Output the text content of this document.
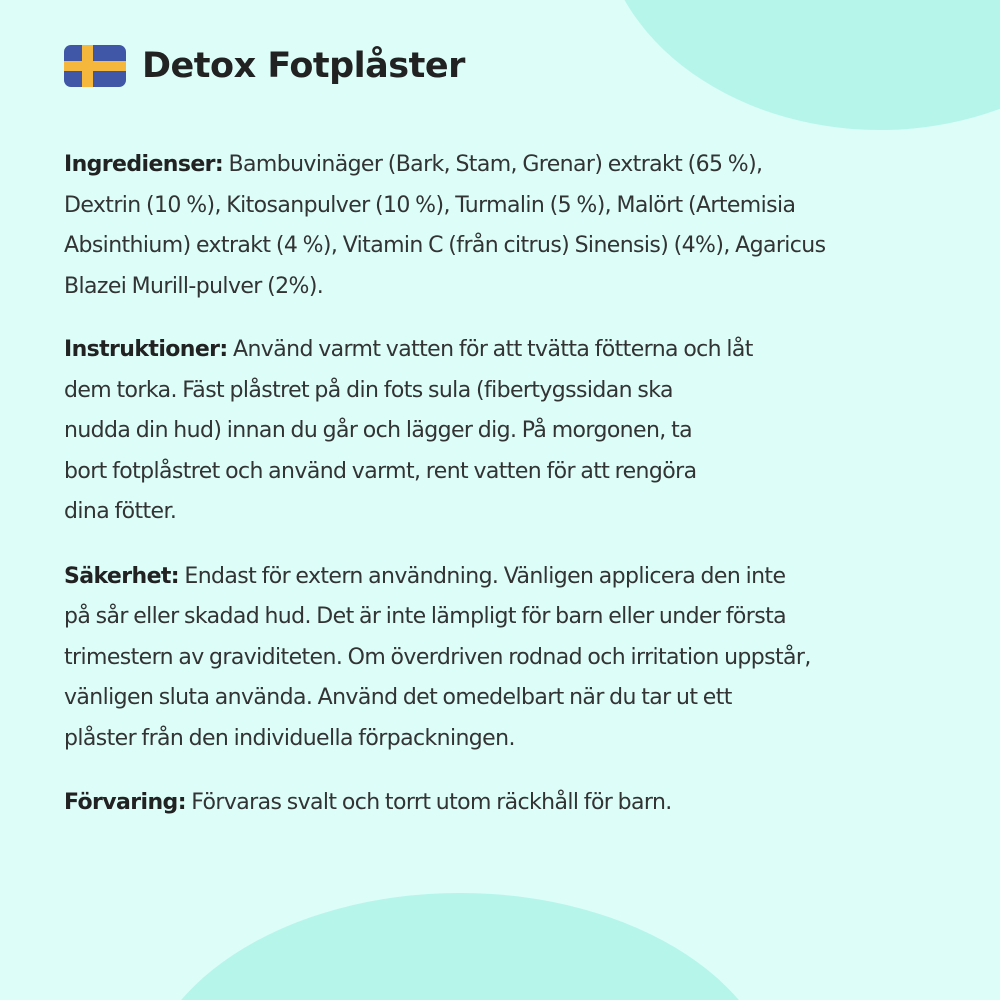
Detox Fotplåster

Ingredienser: Bambuvinäger (Bark, Stam, Grenar) extrakt (65 %),
Dextrin (10 %), Kitosanpulver (10 %), Turmalin (5 %), Malört (Artemisia
Absinthium) extrakt (4 %), Vitamin C (från citrus) Sinensis) (4%), Agaricus
Blazei Murill-pulver (2%).

Instruktioner: Använd varmt vatten för att tvätta fötterna och låt
dem torka. Fäst plåstret på din fots sula (fibertygssidan ska
nudda din hud) innan du går och lägger dig. På morgonen, ta
bort fotplåstret och använd varmt, rent vatten för att rengöra
dina fötter.

Säkerhet: Endast för extern användning. Vänligen applicera den inte
på sår eller skadad hud. Det är inte lämpligt för barn eller under första
trimestern av graviditeten. Om överdriven rodnad och irritation uppstår,
vänligen sluta använda. Använd det omedelbart när du tar ut ett
plåster från den individuella förpackningen.

Förvaring: Förvaras svalt och torrt utom räckhåll för barn.
